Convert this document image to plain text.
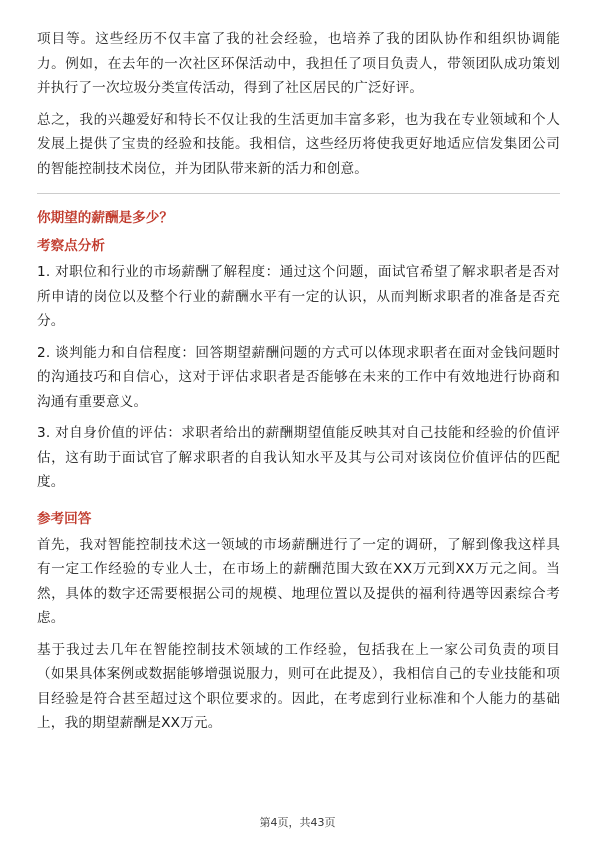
项目等。这些经历不仅丰富了我的社会经验，也培养了我的团队协作和组织协调能力。例如，在去年的一次社区环保活动中，我担任了项目负责人，带领团队成功策划并执行了一次垃圾分类宣传活动，得到了社区居民的广泛好评。

总之，我的兴趣爱好和特长不仅让我的生活更加丰富多彩，也为我在专业领域和个人发展上提供了宝贵的经验和技能。我相信，这些经历将使我更好地适应信发集团公司的智能控制技术岗位，并为团队带来新的活力和创意。

你期望的薪酬是多少？
考察点分析

1. 对职位和行业的市场薪酬了解程度：通过这个问题，面试官希望了解求职者是否对所申请的岗位以及整个行业的薪酬水平有一定的认识，从而判断求职者的准备是否充分。

2. 谈判能力和自信程度：回答期望薪酬问题的方式可以体现求职者在面对金钱问题时的沟通技巧和自信心，这对于评估求职者是否能够在未来的工作中有效地进行协商和沟通有重要意义。

3. 对自身价值的评估：求职者给出的薪酬期望值能反映其对自己技能和经验的价值评估，这有助于面试官了解求职者的自我认知水平及其与公司对该岗位价值评估的匹配度。

参考回答

首先，我对智能控制技术这一领域的市场薪酬进行了一定的调研，了解到像我这样具有一定工作经验的专业人士，在市场上的薪酬范围大致在XX万元到XX万元之间。当然，具体的数字还需要根据公司的规模、地理位置以及提供的福利待遇等因素综合考虑。

基于我过去几年在智能控制技术领域的工作经验，包括我在上一家公司负责的项目（如果具体案例或数据能够增强说服力，则可在此提及），我相信自己的专业技能和项目经验是符合甚至超过这个职位要求的。因此，在考虑到行业标准和个人能力的基础上，我的期望薪酬是XX万元。

第4页，共43页
